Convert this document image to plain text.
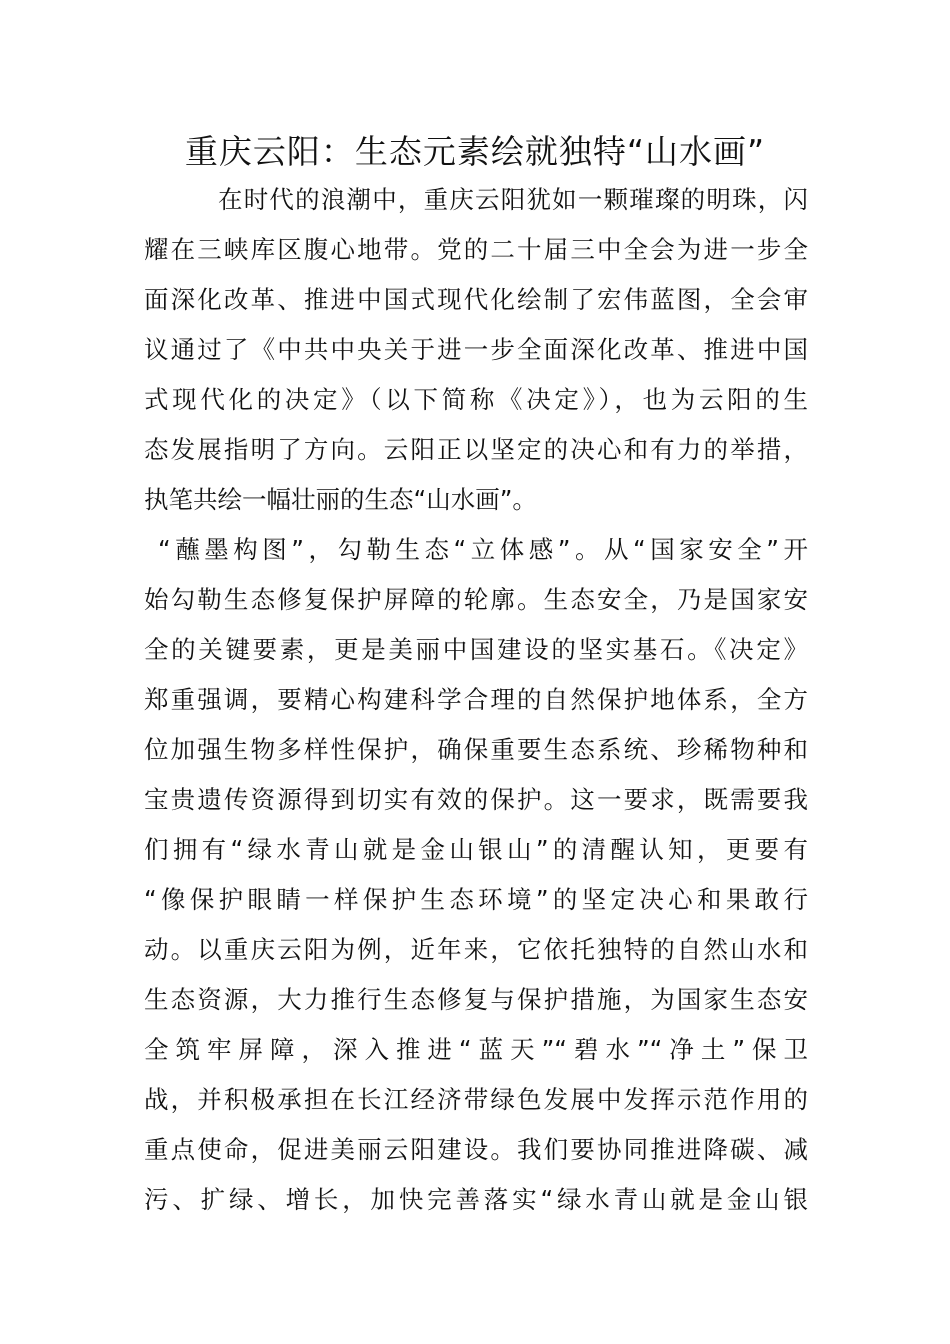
重庆云阳：生态元素绘就独特“山水画”
在时代的浪潮中，重庆云阳犹如一颗璀璨的明珠，闪
耀在三峡库区腹心地带。党的二十届三中全会为进一步全
面深化改革、推进中国式现代化绘制了宏伟蓝图，全会审
议通过了《中共中央关于进一步全面深化改革、推进中国
式现代化的决定》（以下简称《决定》），也为云阳的生
态发展指明了方向。云阳正以坚定的决心和有力的举措，
执笔共绘一幅壮丽的生态“山水画”。
“蘸墨构图”，勾勒生态“立体感”。从“国家安全”开
始勾勒生态修复保护屏障的轮廓。生态安全，乃是国家安
全的关键要素，更是美丽中国建设的坚实基石。《决定》
郑重强调，要精心构建科学合理的自然保护地体系，全方
位加强生物多样性保护，确保重要生态系统、珍稀物种和
宝贵遗传资源得到切实有效的保护。这一要求，既需要我
们拥有“绿水青山就是金山银山”的清醒认知，更要有
“像保护眼睛一样保护生态环境”的坚定决心和果敢行
动。以重庆云阳为例，近年来，它依托独特的自然山水和
生态资源，大力推行生态修复与保护措施，为国家生态安
全筑牢屏障，深入推进“蓝天”“碧水”“净土”保卫
战，并积极承担在长江经济带绿色发展中发挥示范作用的
重点使命，促进美丽云阳建设。我们要协同推进降碳、减
污、扩绿、增长，加快完善落实“绿水青山就是金山银
